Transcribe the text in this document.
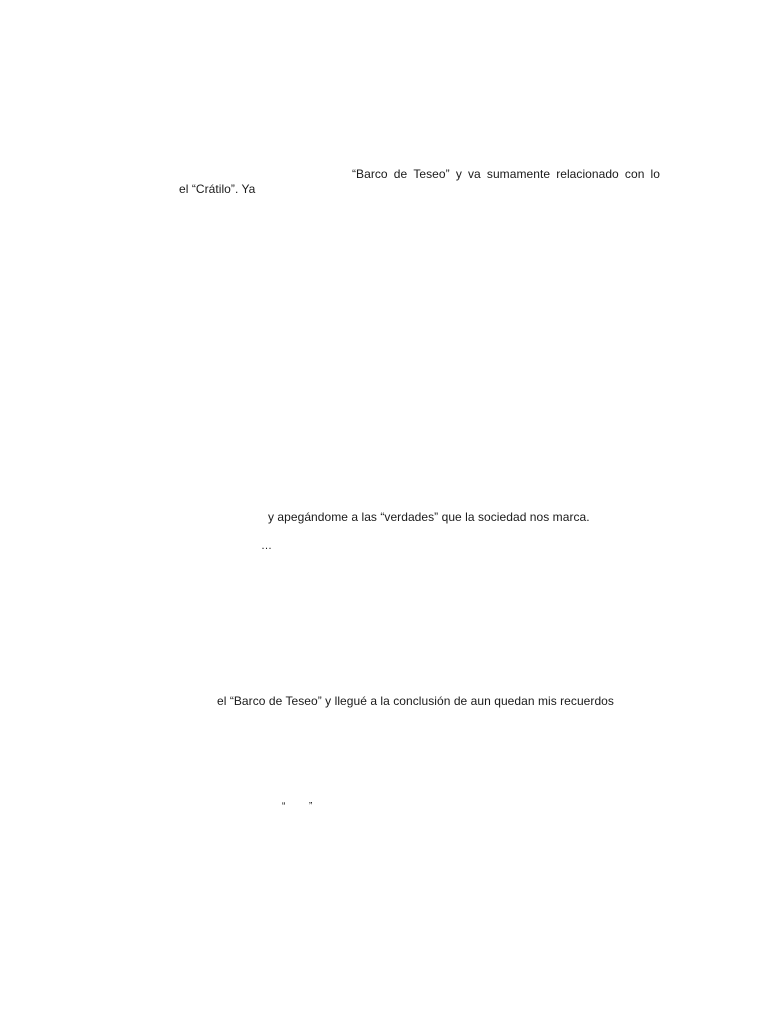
“Barco de Teseo” y va sumamente relacionado con lo
el “Crátilo”. Ya
y apegándome a las “verdades” que la sociedad nos marca.
…
el “Barco de Teseo” y llegué a la conclusión de aun quedan mis recuerdos
“ ”
